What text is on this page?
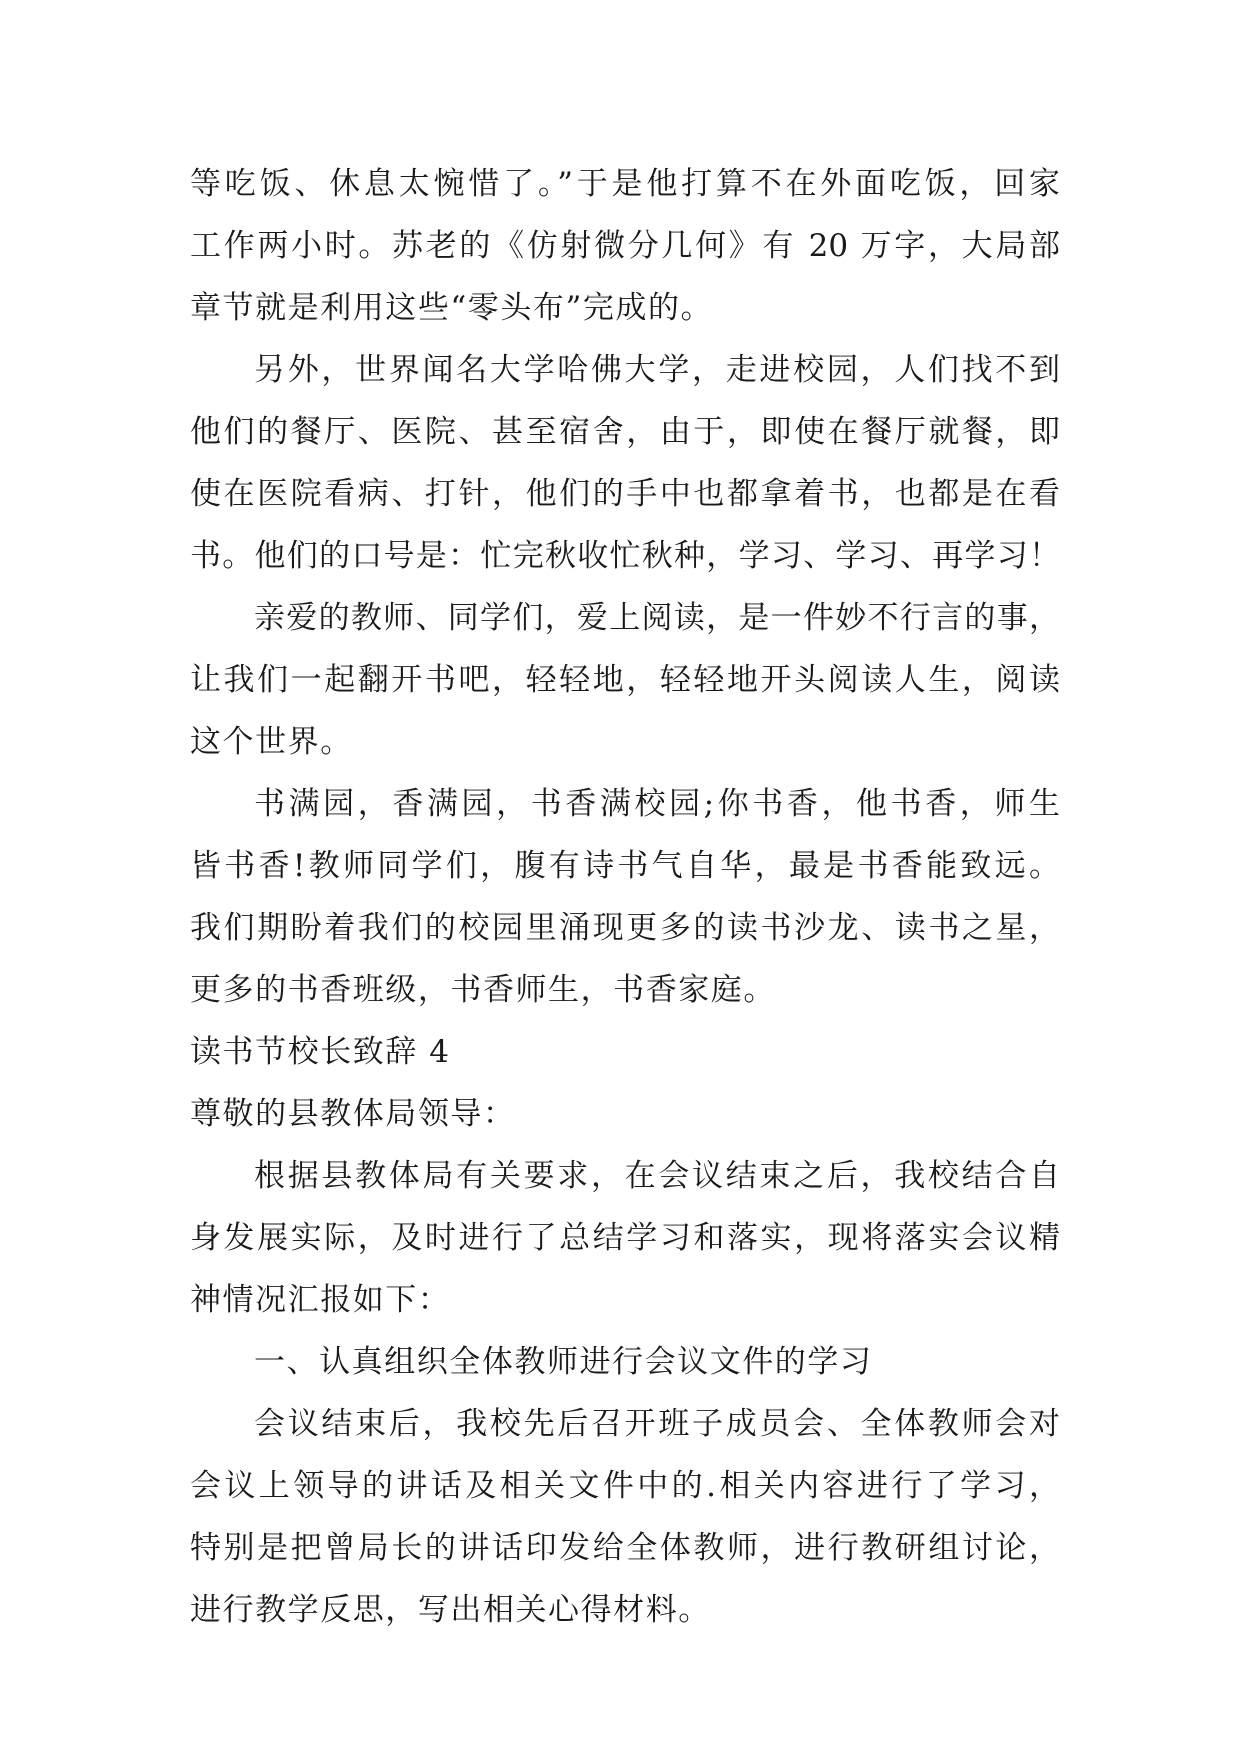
等吃饭、休息太惋惜了。”于是他打算不在外面吃饭，回家
工作两小时。苏老的《仿射微分几何》有 20 万字，大局部
章节就是利用这些“零头布”完成的。
另外，世界闻名大学哈佛大学，走进校园，人们找不到
他们的餐厅、医院、甚至宿舍，由于，即使在餐厅就餐，即
使在医院看病、打针，他们的手中也都拿着书，也都是在看
书。他们的口号是：忙完秋收忙秋种，学习、学习、再学习！
亲爱的教师、同学们，爱上阅读，是一件妙不行言的事，
让我们一起翻开书吧，轻轻地，轻轻地开头阅读人生，阅读
这个世界。
书满园，香满园，书香满校园;你书香，他书香，师生
皆书香!教师同学们，腹有诗书气自华，最是书香能致远。
我们期盼着我们的校园里涌现更多的读书沙龙、读书之星，
更多的书香班级，书香师生，书香家庭。
读书节校长致辞 4
尊敬的县教体局领导：
根据县教体局有关要求，在会议结束之后，我校结合自
身发展实际，及时进行了总结学习和落实，现将落实会议精
神情况汇报如下：
一、认真组织全体教师进行会议文件的学习
会议结束后，我校先后召开班子成员会、全体教师会对
会议上领导的讲话及相关文件中的.相关内容进行了学习，
特别是把曾局长的讲话印发给全体教师，进行教研组讨论，
进行教学反思，写出相关心得材料。
